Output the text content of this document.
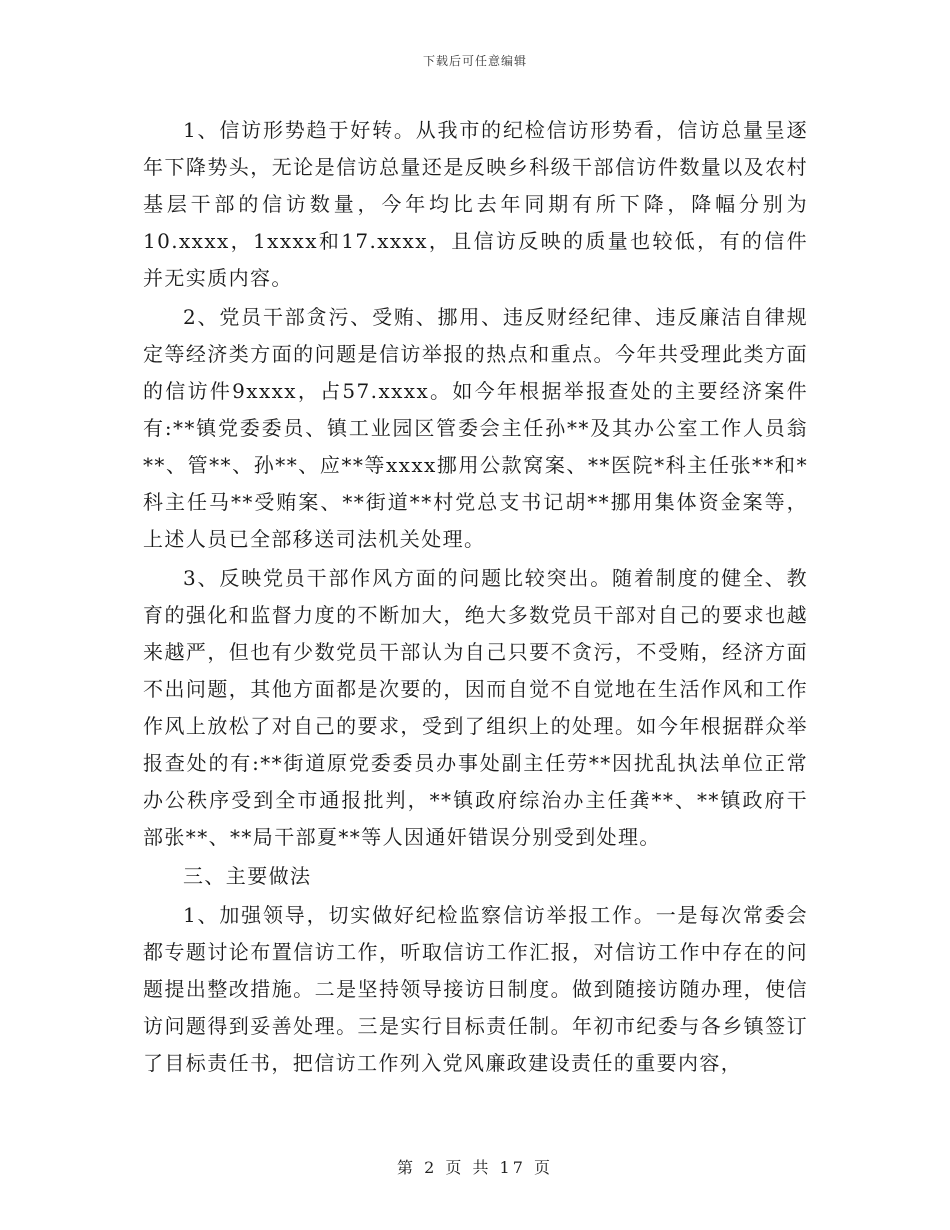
下载后可任意编辑

1、信访形势趋于好转。从我市的纪检信访形势看，信访总量呈逐年下降势头，无论是信访总量还是反映乡科级干部信访件数量以及农村基层干部的信访数量，今年均比去年同期有所下降，降幅分别为10.xxxx，1xxxx和17.xxxx，且信访反映的质量也较低，有的信件并无实质内容。

2、党员干部贪污、受贿、挪用、违反财经纪律、违反廉洁自律规定等经济类方面的问题是信访举报的热点和重点。今年共受理此类方面的信访件9xxxx，占57.xxxx。如今年根据举报查处的主要经济案件有:**镇党委委员、镇工业园区管委会主任孙**及其办公室工作人员翁**、管**、孙**、应**等xxxx挪用公款窝案、**医院*科主任张**和*科主任马**受贿案、**街道**村党总支书记胡**挪用集体资金案等，上述人员已全部移送司法机关处理。

3、反映党员干部作风方面的问题比较突出。随着制度的健全、教育的强化和监督力度的不断加大，绝大多数党员干部对自己的要求也越来越严，但也有少数党员干部认为自己只要不贪污，不受贿，经济方面不出问题，其他方面都是次要的，因而自觉不自觉地在生活作风和工作作风上放松了对自己的要求，受到了组织上的处理。如今年根据群众举报查处的有:**街道原党委委员办事处副主任劳**因扰乱执法单位正常办公秩序受到全市通报批判，**镇政府综治办主任龚**、**镇政府干部张**、**局干部夏**等人因通奸错误分别受到处理。

三、主要做法

1、加强领导，切实做好纪检监察信访举报工作。一是每次常委会都专题讨论布置信访工作，听取信访工作汇报，对信访工作中存在的问题提出整改措施。二是坚持领导接访日制度。做到随接访随办理，使信访问题得到妥善处理。三是实行目标责任制。年初市纪委与各乡镇签订了目标责任书，把信访工作列入党风廉政建设责任的重要内容，

第 2 页 共 17 页
